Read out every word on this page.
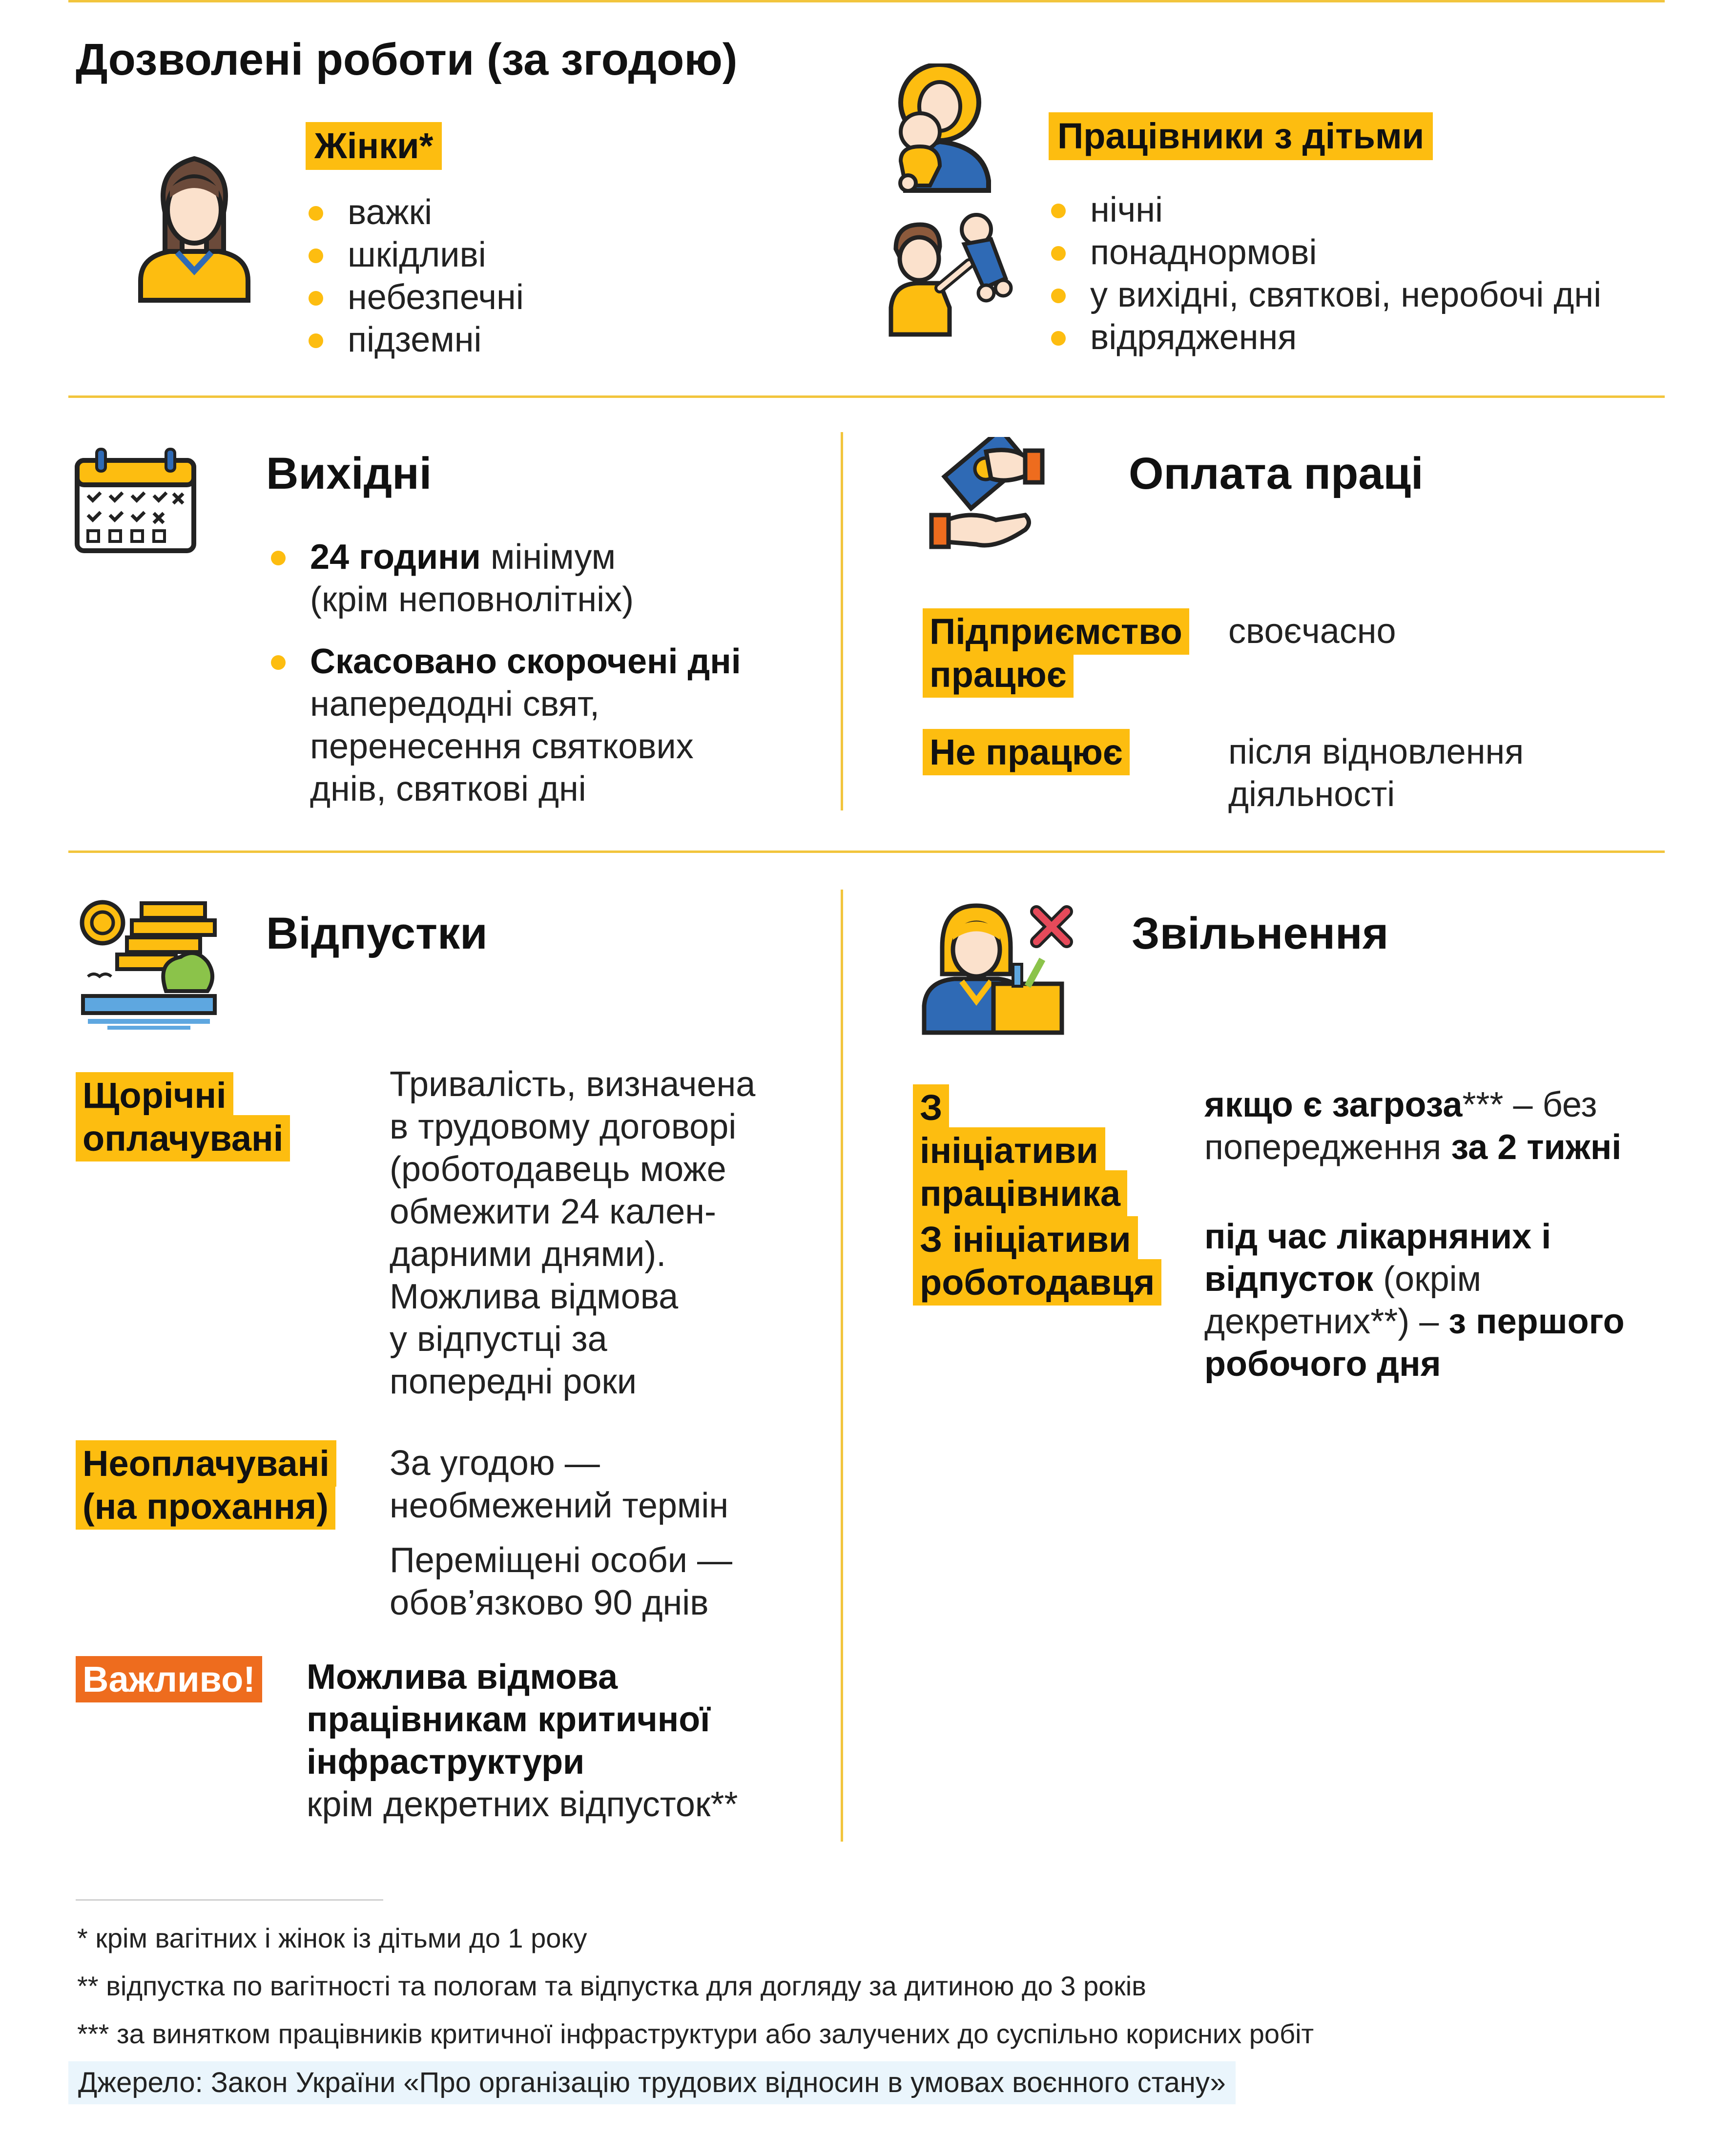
Дозволені роботи (за згодою)
Жінки*
важкі
шкідливі
небезпечні
підземні
Працівники з дітьми
нічні
понаднормові
у вихідні, святкові, неробочі дні
відрядження
Вихідні
24 години мінімум
(крім неповнолітніх)
Скасовано скорочені дні
напередодні свят,
перенесення святкових
днів, святкові дні
Оплата праці
Підприємство працює
своєчасно
Не працює	після відновлення
діяльності
Відпустки
Щорічні оплачувані
Тривалість, визначена
в трудовому договорі
(роботодавець може
обмежити 24 кален-
дарними днями).
Можлива відмова
у відпустці за
попередні роки
Неоплачувані (на прохання)
За угодою —
необмежений термін
Переміщені особи —
обов’язково 90 днів
Важливо! Можлива відмова
працівникам критичної
інфраструктури
крім декретних відпусток**
Звільнення
З ініціативи працівника
якщо є загроза*** – без
попередження за 2 тижні
З ініціативи роботодавця
під час лікарняних і
відпусток (окрім
декретних**) – з першого
робочого дня
* крім вагітних і жінок із дітьми до 1 року
** відпустка по вагітності та пологам та відпустка для догляду за дитиною до 3 років
*** за винятком працівників критичної інфраструктури або залучених до суспільно корисних робіт
Джерело: Закон України «Про організацію трудових відносин в умовах воєнного стану»
